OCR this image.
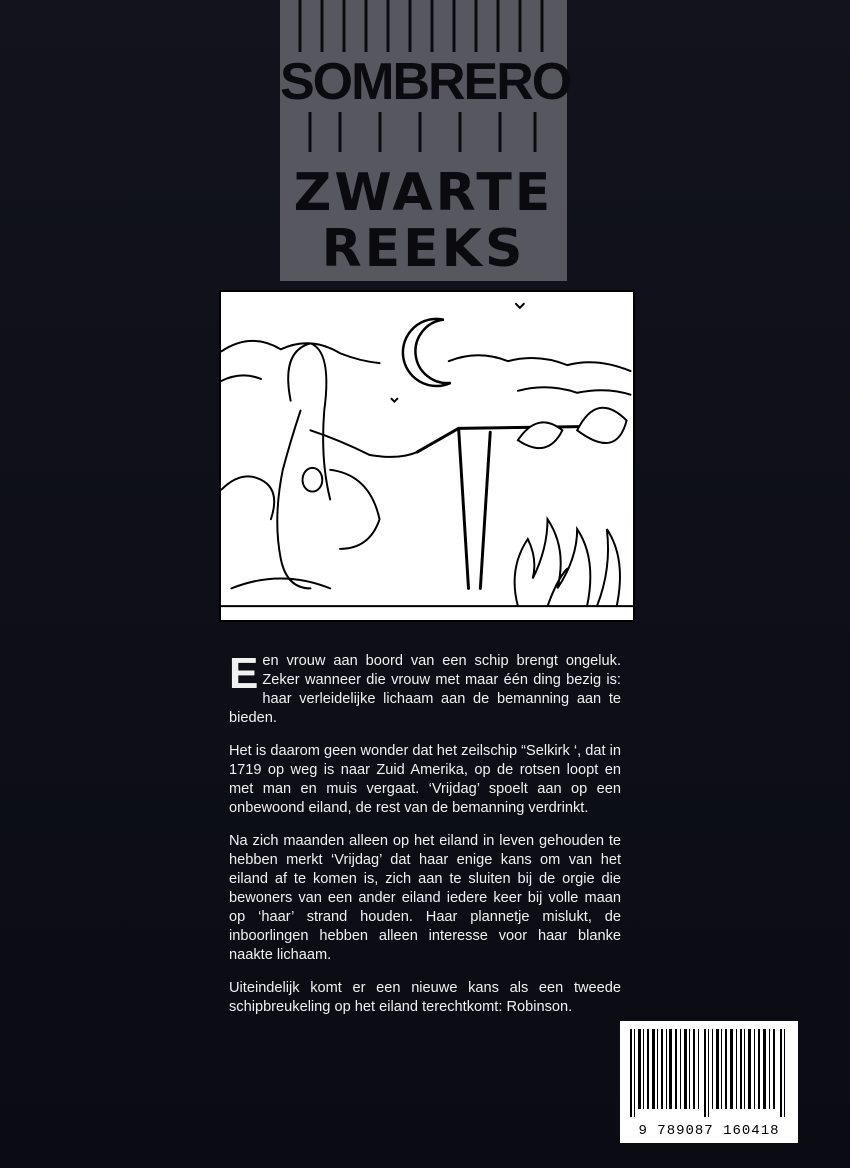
SOMBRERO
ZWARTE
REEKS

Een vrouw aan boord van een schip brengt ongeluk. Zeker wanneer die vrouw met maar één ding bezig is: haar verleidelijke lichaam aan de bemanning aan te bieden.

Het is daarom geen wonder dat het zeilschip “Selkirk ‘, dat in 1719 op weg is naar Zuid Amerika, op de rotsen loopt en met man en muis vergaat. ‘Vrijdag’ spoelt aan op een onbewoond eiland, de rest van de bemanning verdrinkt.

Na zich maanden alleen op het eiland in leven gehouden te hebben merkt ‘Vrijdag’ dat haar enige kans om van het eiland af te komen is, zich aan te sluiten bij de orgie die bewoners van een ander eiland iedere keer bij volle maan op ‘haar’ strand houden. Haar plannetje mislukt, de inboorlingen hebben alleen interesse voor haar blanke naakte lichaam.

Uiteindelijk komt er een nieuwe kans als een tweede schipbreukeling op het eiland terechtkomt: Robinson.

9 789087 160418
